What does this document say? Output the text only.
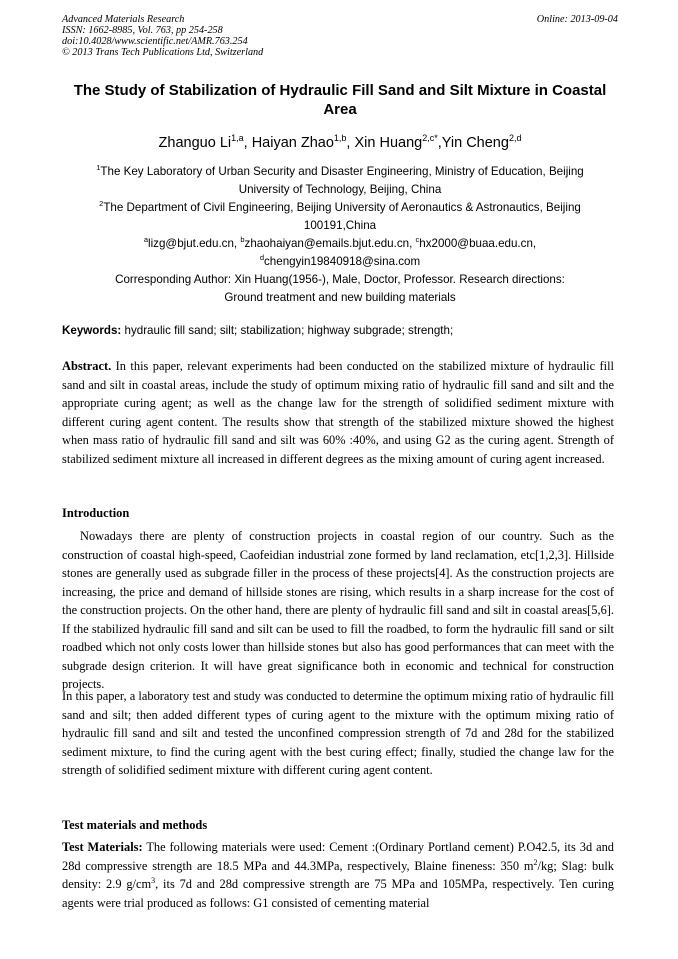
Advanced Materials Research
ISSN: 1662-8985, Vol. 763, pp 254-258
doi:10.4028/www.scientific.net/AMR.763.254
© 2013 Trans Tech Publications Ltd, Switzerland
Online: 2013-09-04
The Study of Stabilization of Hydraulic Fill Sand and Silt Mixture in Coastal Area
Zhanguo Li$^{1,a}$, Haiyan Zhao$^{1,b}$, Xin Huang$^{2,c*}$,Yin Cheng$^{2,d}$
$^1$The Key Laboratory of Urban Security and Disaster Engineering, Ministry of Education, Beijing
University of Technology, Beijing, China
$^2$The Department of Civil Engineering, Beijing University of Aeronautics & Astronautics, Beijing
100191,China
$^a$lizg@bjut.edu.cn, $^b$zhaohaiyan@emails.bjut.edu.cn, $^c$hx2000@buaa.edu.cn,
$^d$chengyin19840918@sina.com
Corresponding Author: Xin Huang(1956-), Male, Doctor, Professor. Research directions:
Ground treatment and new building materials
Keywords: hydraulic fill sand; silt; stabilization; highway subgrade; strength;
Abstract. In this paper, relevant experiments had been conducted on the stabilized mixture of hydraulic fill sand and silt in coastal areas, include the study of optimum mixing ratio of hydraulic fill sand and silt and the appropriate curing agent; as well as the change law for the strength of solidified sediment mixture with different curing agent content. The results show that strength of the stabilized mixture showed the highest when mass ratio of hydraulic fill sand and silt was 60% :40%, and using G2 as the curing agent. Strength of stabilized sediment mixture all increased in different degrees as the mixing amount of curing agent increased.
Introduction
Nowadays there are plenty of construction projects in coastal region of our country. Such as the construction of coastal high-speed, Caofeidian industrial zone formed by land reclamation, etc[1,2,3]. Hillside stones are generally used as subgrade filler in the process of these projects[4]. As the construction projects are increasing, the price and demand of hillside stones are rising, which results in a sharp increase for the cost of the construction projects. On the other hand, there are plenty of hydraulic fill sand and silt in coastal areas[5,6]. If the stabilized hydraulic fill sand and silt can be used to fill the roadbed, to form the hydraulic fill sand or silt roadbed which not only costs lower than hillside stones but also has good performances that can meet with the subgrade design criterion. It will have great significance both in economic and technical for construction projects.
In this paper, a laboratory test and study was conducted to determine the optimum mixing ratio of hydraulic fill sand and silt; then added different types of curing agent to the mixture with the optimum mixing ratio of hydraulic fill sand and silt and tested the unconfined compression strength of 7d and 28d for the stabilized sediment mixture, to find the curing agent with the best curing effect; finally, studied the change law for the strength of solidified sediment mixture with different curing agent content.
Test materials and methods
Test Materials: The following materials were used: Cement :(Ordinary Portland cement) P.O42.5, its 3d and 28d compressive strength are 18.5 MPa and 44.3MPa, respectively, Blaine fineness: 350 $m^2/kg$; Slag: bulk density: 2.9 $g/cm^3$, its 7d and 28d compressive strength are 75 MPa and 105MPa, respectively. Ten curing agents were trial produced as follows: G1 consisted of cementing material
